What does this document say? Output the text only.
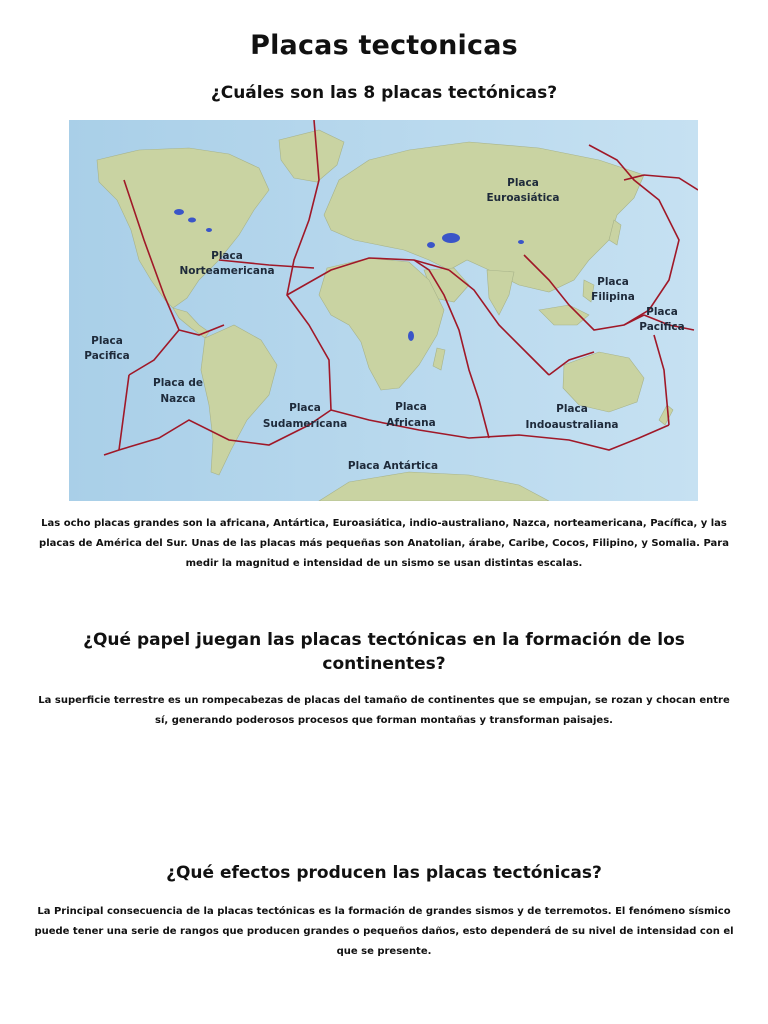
Placas tectonicas
¿Cuáles son las 8 placas tectónicas?
Placa
Euroasiática
Placa
Norteamericana
Placa
Filipina
Placa
Pacifica
Placa
Pacifica
Placa de
Nazca
Placa
Sudamericana
Placa
Africana
Placa
Indoaustraliana
Placa Antártica
Las ocho placas grandes son la africana, Antártica, Euroasiática, indio-australiano, Nazca, norteamericana, Pacífica, y las placas de América del Sur. Unas de las placas más pequeñas son Anatolian, árabe, Caribe, Cocos, Filipino, y Somalia. Para medir la magnitud e intensidad de un sismo se usan distintas escalas.
¿Qué papel juegan las placas tectónicas en la formación de los continentes?
La superficie terrestre es un rompecabezas de placas del tamaño de continentes que se empujan, se rozan y chocan entre sí, generando poderosos procesos que forman montañas y transforman paisajes.
¿Qué efectos producen las placas tectónicas?
La Principal consecuencia de la placas tectónicas es la formación de grandes sismos y de terremotos. El fenómeno sísmico puede tener una serie de rangos que producen grandes o pequeños daños, esto dependerá de su nivel de intensidad con el que se presente.
